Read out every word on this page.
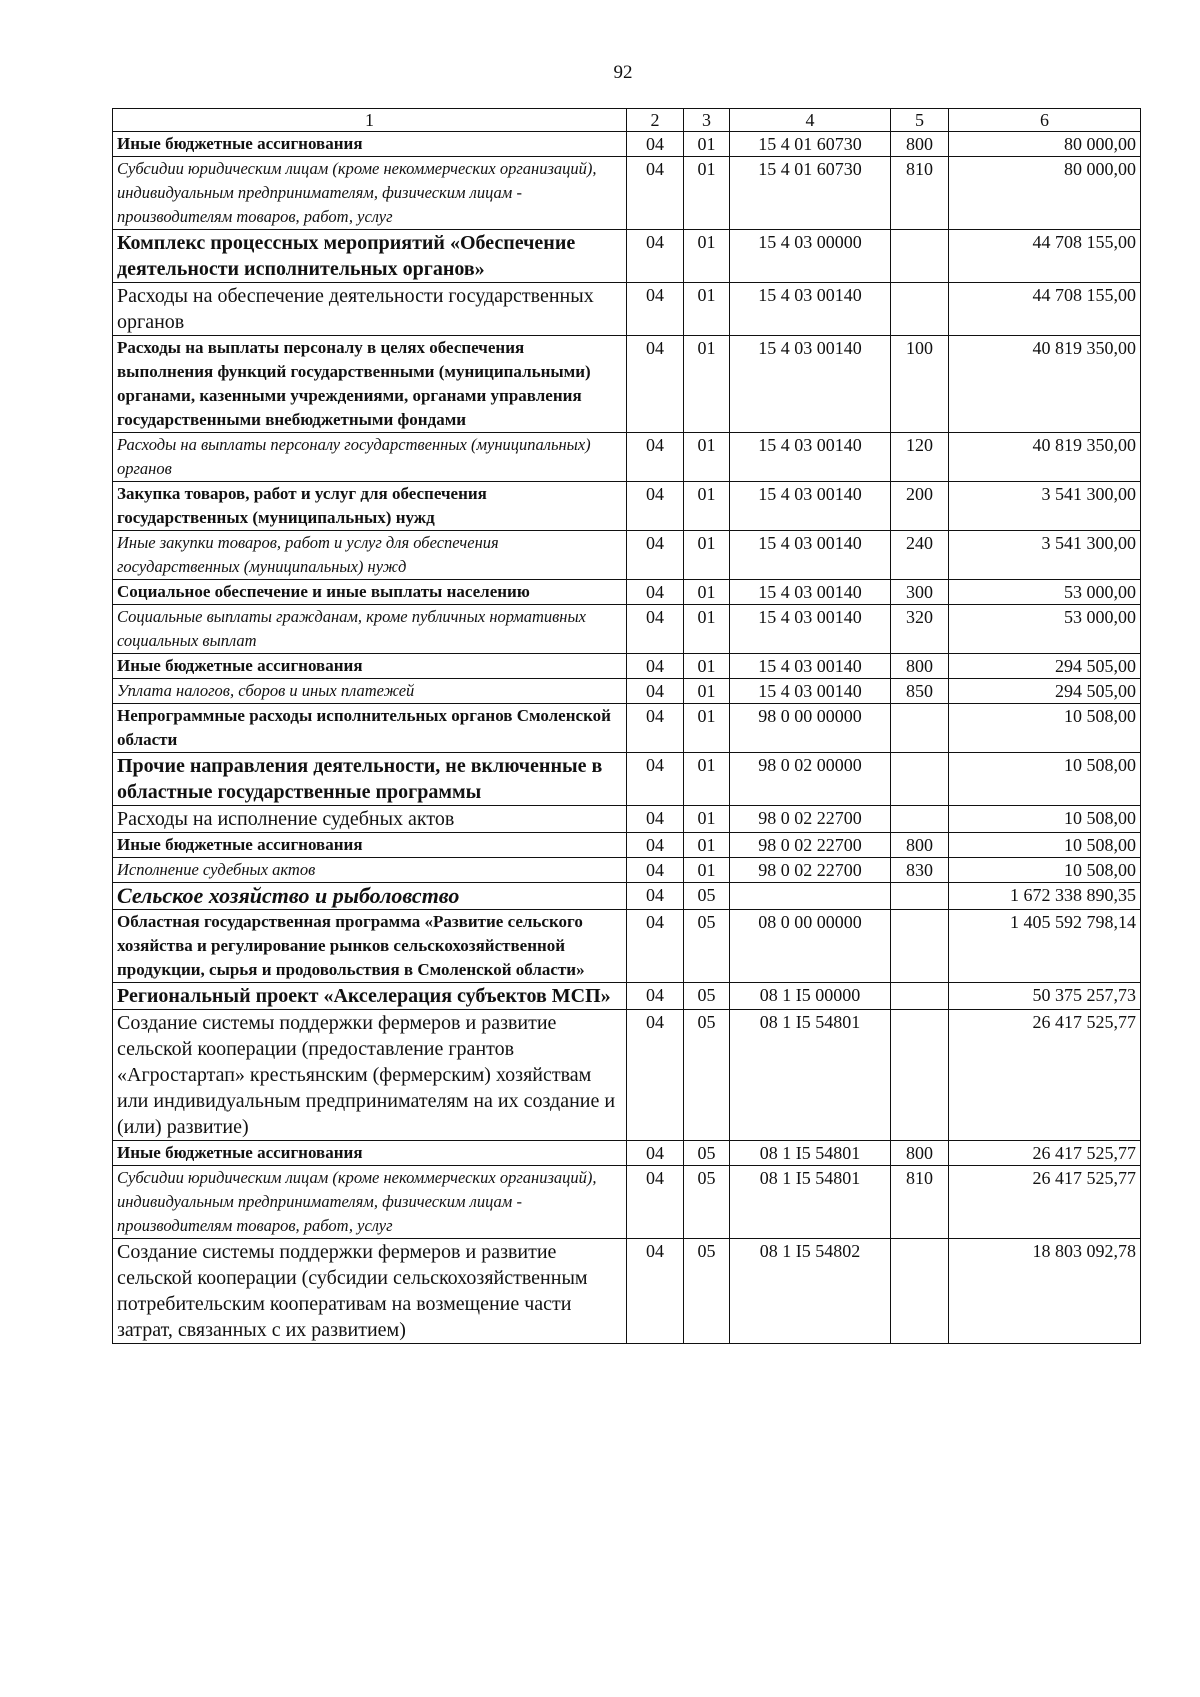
92
1	2	3	4	5	6
Иные бюджетные ассигнования	04	01	15 4 01 60730	800	80 000,00
Субсидии юридическим лицам (кроме некоммерческих организаций), индивидуальным предпринимателям, физическим лицам - производителям товаров, работ, услуг	04	01	15 4 01 60730	810	80 000,00
Комплекс процессных мероприятий «Обеспечение деятельности исполнительных органов»	04	01	15 4 03 00000		44 708 155,00
Расходы на обеспечение деятельности государственных органов	04	01	15 4 03 00140		44 708 155,00
Расходы на выплаты персоналу в целях обеспечения выполнения функций государственными (муниципальными) органами, казенными учреждениями, органами управления государственными внебюджетными фондами	04	01	15 4 03 00140	100	40 819 350,00
Расходы на выплаты персоналу государственных (муниципальных) органов	04	01	15 4 03 00140	120	40 819 350,00
Закупка товаров, работ и услуг для обеспечения государственных (муниципальных) нужд	04	01	15 4 03 00140	200	3 541 300,00
Иные закупки товаров, работ и услуг для обеспечения государственных (муниципальных) нужд	04	01	15 4 03 00140	240	3 541 300,00
Социальное обеспечение и иные выплаты населению	04	01	15 4 03 00140	300	53 000,00
Социальные выплаты гражданам, кроме публичных нормативных социальных выплат	04	01	15 4 03 00140	320	53 000,00
Иные бюджетные ассигнования	04	01	15 4 03 00140	800	294 505,00
Уплата налогов, сборов и иных платежей	04	01	15 4 03 00140	850	294 505,00
Непрограммные расходы исполнительных органов Смоленской области	04	01	98 0 00 00000		10 508,00
Прочие направления деятельности, не включенные в областные государственные программы	04	01	98 0 02 00000		10 508,00
Расходы на исполнение судебных актов	04	01	98 0 02 22700		10 508,00
Иные бюджетные ассигнования	04	01	98 0 02 22700	800	10 508,00
Исполнение судебных актов	04	01	98 0 02 22700	830	10 508,00
Сельское хозяйство и рыболовство	04	05			1 672 338 890,35
Областная государственная программа «Развитие сельского хозяйства и регулирование рынков сельскохозяйственной продукции, сырья и продовольствия в Смоленской области»	04	05	08 0 00 00000		1 405 592 798,14
Региональный проект «Акселерация субъектов МСП»	04	05	08 1 I5 00000		50 375 257,73
Создание системы поддержки фермеров и развитие сельской кооперации (предоставление грантов «Агростартап» крестьянским (фермерским) хозяйствам или индивидуальным предпринимателям на их создание и (или) развитие)	04	05	08 1 I5 54801		26 417 525,77
Иные бюджетные ассигнования	04	05	08 1 I5 54801	800	26 417 525,77
Субсидии юридическим лицам (кроме некоммерческих организаций), индивидуальным предпринимателям, физическим лицам - производителям товаров, работ, услуг	04	05	08 1 I5 54801	810	26 417 525,77
Создание системы поддержки фермеров и развитие сельской кооперации (субсидии сельскохозяйственным потребительским кооперативам на возмещение части затрат, связанных с их развитием)	04	05	08 1 I5 54802		18 803 092,78
